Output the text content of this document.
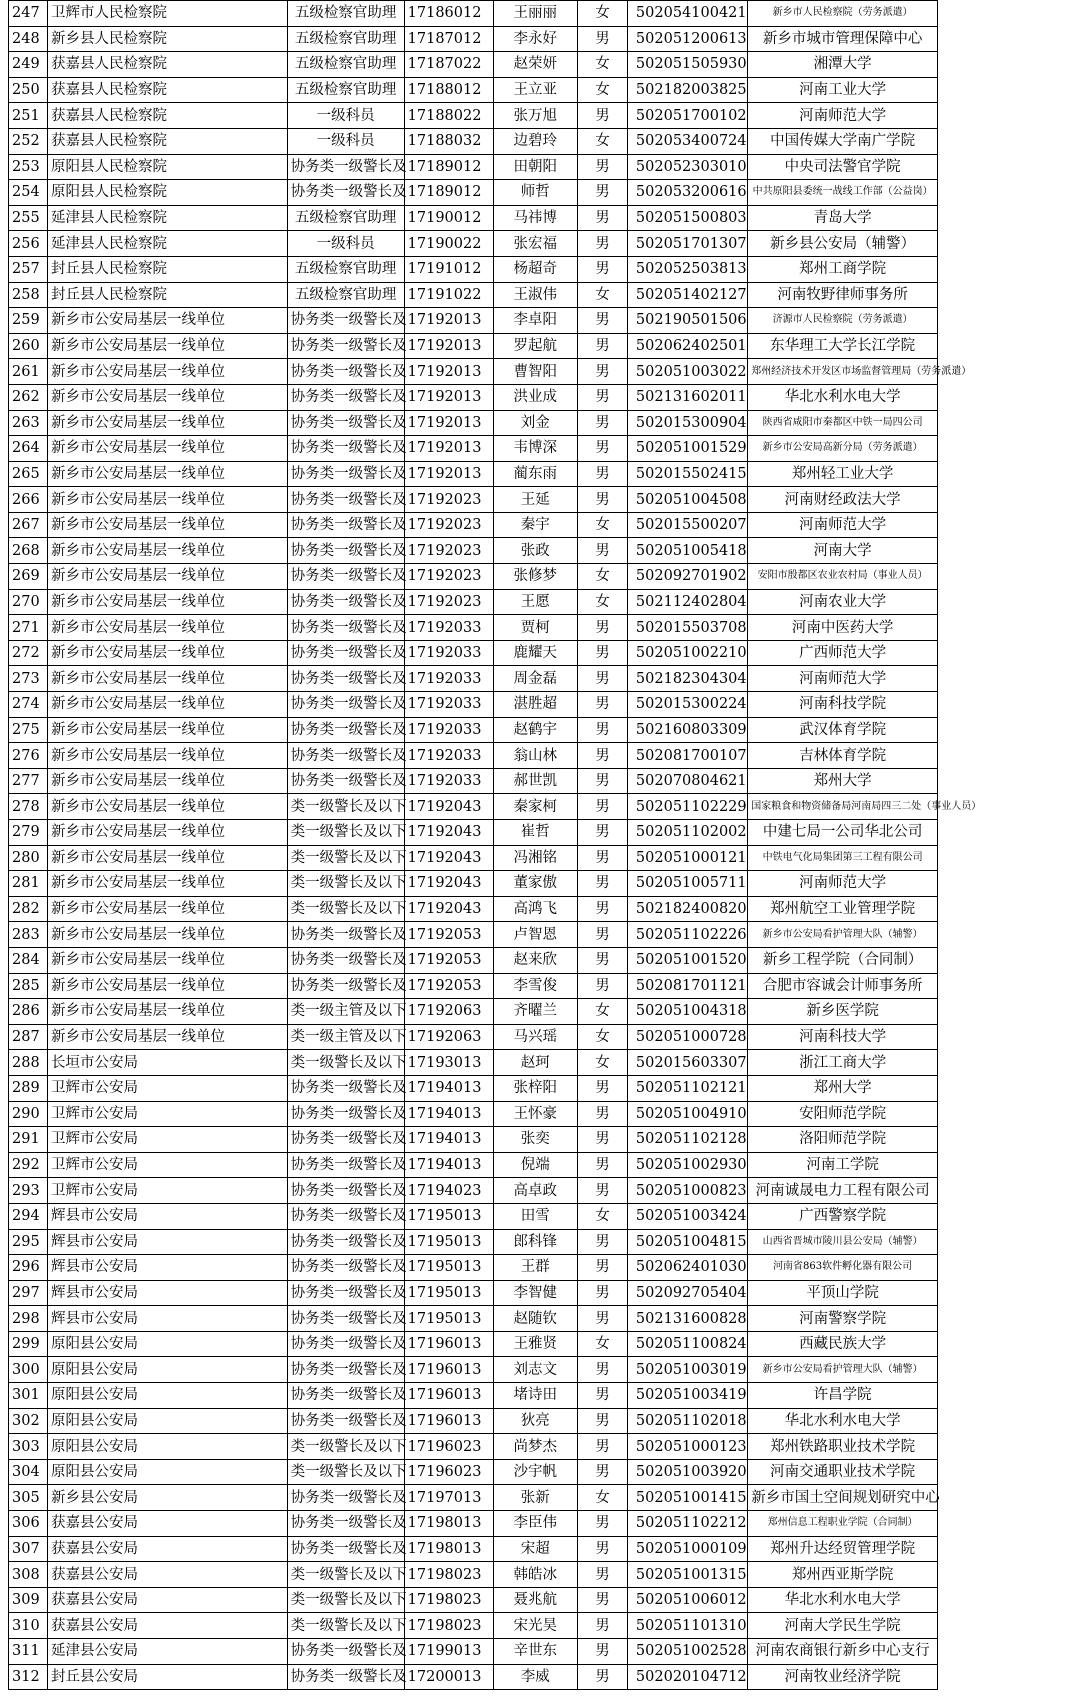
247	卫辉市人民检察院	五级检察官助理	17186012	王丽丽	女	502054100421	新乡市人民检察院（劳务派遣）
248	新乡县人民检察院	五级检察官助理	17187012	李永好	男	502051200613	新乡市城市管理保障中心
249	获嘉县人民检察院	五级检察官助理	17187022	赵荣妍	女	502051505930	湘潭大学
250	获嘉县人民检察院	五级检察官助理	17188012	王立亚	女	502182003825	河南工业大学
251	获嘉县人民检察院	一级科员	17188022	张万旭	男	502051700102	河南师范大学
252	获嘉县人民检察院	一级科员	17188032	边碧玲	女	502053400724	中国传媒大学南广学院
253	原阳县人民检察院	协务类一级警长及	17189012	田朝阳	男	502052303010	中央司法警官学院
254	原阳县人民检察院	协务类一级警长及	17189012	师哲	男	502053200616	中共原阳县委统一战线工作部（公益岗）
255	延津县人民检察院	五级检察官助理	17190012	马祎博	男	502051500803	青岛大学
256	延津县人民检察院	一级科员	17190022	张宏福	男	502051701307	新乡县公安局（辅警）
257	封丘县人民检察院	五级检察官助理	17191012	杨超奇	男	502052503813	郑州工商学院
258	封丘县人民检察院	五级检察官助理	17191022	王淑伟	女	502051402127	河南牧野律师事务所
259	新乡市公安局基层一线单位	协务类一级警长及	17192013	李卓阳	男	502190501506	济源市人民检察院（劳务派遣）
260	新乡市公安局基层一线单位	协务类一级警长及	17192013	罗起航	男	502062402501	东华理工大学长江学院
261	新乡市公安局基层一线单位	协务类一级警长及	17192013	曹智阳	男	502051003022	郑州经济技术开发区市场监督管理局（劳务派遣）
262	新乡市公安局基层一线单位	协务类一级警长及	17192013	洪业成	男	502131602011	华北水利水电大学
263	新乡市公安局基层一线单位	协务类一级警长及	17192013	刘金	男	502015300904	陕西省咸阳市秦都区中铁一局四公司
264	新乡市公安局基层一线单位	协务类一级警长及	17192013	韦博深	男	502051001529	新乡市公安局高新分局（劳务派遣）
265	新乡市公安局基层一线单位	协务类一级警长及	17192013	蔺东雨	男	502015502415	郑州轻工业大学
266	新乡市公安局基层一线单位	协务类一级警长及	17192023	王延	男	502051004508	河南财经政法大学
267	新乡市公安局基层一线单位	协务类一级警长及	17192023	秦宇	女	502015500207	河南师范大学
268	新乡市公安局基层一线单位	协务类一级警长及	17192023	张政	男	502051005418	河南大学
269	新乡市公安局基层一线单位	协务类一级警长及	17192023	张修梦	女	502092701902	安阳市殷都区农业农村局（事业人员）
270	新乡市公安局基层一线单位	协务类一级警长及	17192023	王愿	女	502112402804	河南农业大学
271	新乡市公安局基层一线单位	协务类一级警长及	17192033	贾柯	男	502015503708	河南中医药大学
272	新乡市公安局基层一线单位	协务类一级警长及	17192033	鹿耀天	男	502051002210	广西师范大学
273	新乡市公安局基层一线单位	协务类一级警长及	17192033	周金磊	男	502182304304	河南师范大学
274	新乡市公安局基层一线单位	协务类一级警长及	17192033	湛胜超	男	502015300224	河南科技学院
275	新乡市公安局基层一线单位	协务类一级警长及	17192033	赵鹤宇	男	502160803309	武汉体育学院
276	新乡市公安局基层一线单位	协务类一级警长及	17192033	翁山林	男	502081700107	吉林体育学院
277	新乡市公安局基层一线单位	协务类一级警长及	17192033	郝世凯	男	502070804621	郑州大学
278	新乡市公安局基层一线单位	类一级警长及以下	17192043	秦家柯	男	502051102229	国家粮食和物资储备局河南局四三二处（事业人员）
279	新乡市公安局基层一线单位	类一级警长及以下	17192043	崔哲	男	502051102002	中建七局一公司华北公司
280	新乡市公安局基层一线单位	类一级警长及以下	17192043	冯湘铭	男	502051000121	中铁电气化局集团第三工程有限公司
281	新乡市公安局基层一线单位	类一级警长及以下	17192043	董家傲	男	502051005711	河南师范大学
282	新乡市公安局基层一线单位	类一级警长及以下	17192043	高鸿飞	男	502182400820	郑州航空工业管理学院
283	新乡市公安局基层一线单位	协务类一级警长及	17192053	卢智恩	男	502051102226	新乡市公安局看护管理大队（辅警）
284	新乡市公安局基层一线单位	协务类一级警长及	17192053	赵来欣	男	502051001520	新乡工程学院（合同制）
285	新乡市公安局基层一线单位	协务类一级警长及	17192053	李雪俊	男	502081701121	合肥市容诚会计师事务所
286	新乡市公安局基层一线单位	类一级主管及以下	17192063	齐曜兰	女	502051004318	新乡医学院
287	新乡市公安局基层一线单位	类一级主管及以下	17192063	马兴瑶	女	502051000728	河南科技大学
288	长垣市公安局	类一级警长及以下	17193013	赵珂	女	502015603307	浙江工商大学
289	卫辉市公安局	协务类一级警长及	17194013	张梓阳	男	502051102121	郑州大学
290	卫辉市公安局	协务类一级警长及	17194013	王怀豪	男	502051004910	安阳师范学院
291	卫辉市公安局	协务类一级警长及	17194013	张奕	男	502051102128	洛阳师范学院
292	卫辉市公安局	协务类一级警长及	17194013	倪端	男	502051002930	河南工学院
293	卫辉市公安局	协务类一级警长及	17194023	高卓政	男	502051000823	河南诚晟电力工程有限公司
294	辉县市公安局	协务类一级警长及	17195013	田雪	女	502051003424	广西警察学院
295	辉县市公安局	协务类一级警长及	17195013	郎科锋	男	502051004815	山西省晋城市陵川县公安局（辅警）
296	辉县市公安局	协务类一级警长及	17195013	王群	男	502062401030	河南省863软件孵化器有限公司
297	辉县市公安局	协务类一级警长及	17195013	李智健	男	502092705404	平顶山学院
298	辉县市公安局	协务类一级警长及	17195013	赵随钦	男	502131600828	河南警察学院
299	原阳县公安局	协务类一级警长及	17196013	王雅贤	女	502051100824	西藏民族大学
300	原阳县公安局	协务类一级警长及	17196013	刘志文	男	502051003019	新乡市公安局看护管理大队（辅警）
301	原阳县公安局	协务类一级警长及	17196013	堵诗田	男	502051003419	许昌学院
302	原阳县公安局	协务类一级警长及	17196013	狄亮	男	502051102018	华北水利水电大学
303	原阳县公安局	类一级警长及以下	17196023	尚梦杰	男	502051000123	郑州铁路职业技术学院
304	原阳县公安局	类一级警长及以下	17196023	沙宇帆	男	502051003920	河南交通职业技术学院
305	新乡县公安局	协务类一级警长及	17197013	张新	女	502051001415	新乡市国土空间规划研究中心
306	获嘉县公安局	协务类一级警长及	17198013	李臣伟	男	502051102212	郑州信息工程职业学院（合同制）
307	获嘉县公安局	协务类一级警长及	17198013	宋超	男	502051000109	郑州升达经贸管理学院
308	获嘉县公安局	类一级警长及以下	17198023	韩皓冰	男	502051001315	郑州西亚斯学院
309	获嘉县公安局	类一级警长及以下	17198023	聂兆航	男	502051006012	华北水利水电大学
310	获嘉县公安局	类一级警长及以下	17198023	宋光昊	男	502051101310	河南大学民生学院
311	延津县公安局	协务类一级警长及	17199013	辛世东	男	502051002528	河南农商银行新乡中心支行
312	封丘县公安局	协务类一级警长及	17200013	李威	男	502020104712	河南牧业经济学院
